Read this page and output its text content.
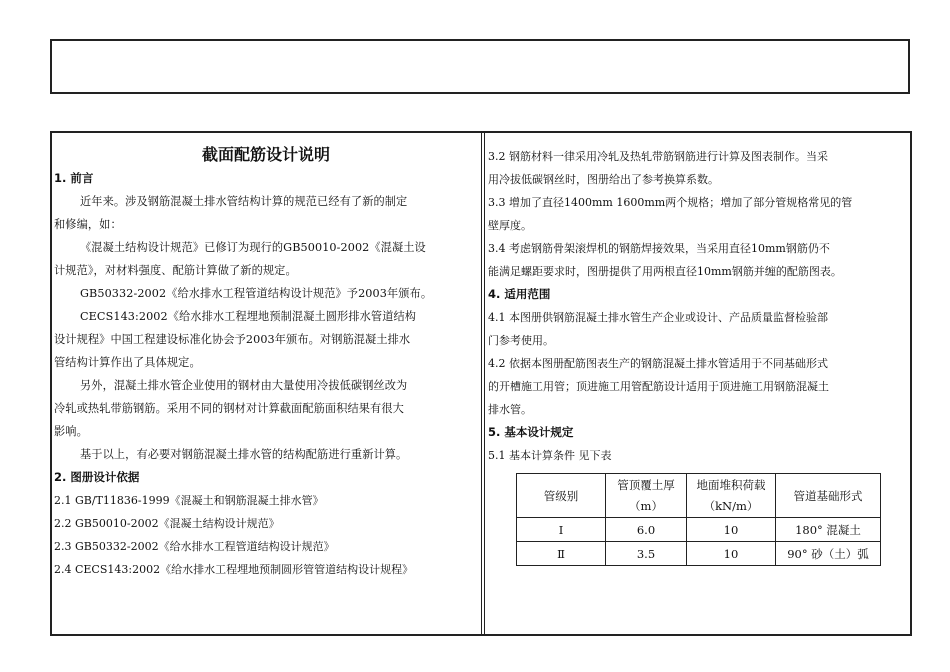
截面配筋设计说明
1. 前言
近年来。涉及钢筋混凝土排水管结构计算的规范已经有了新的制定
和修编，如：
《混凝土结构设计规范》已修订为现行的GB50010-2002《混凝土设
计规范》，对材料强度、配筋计算做了新的规定。
GB50332-2002《给水排水工程管道结构设计规范》予2003年颁布。
CECS143:2002《给水排水工程埋地预制混凝土圆形排水管道结构
设计规程》中国工程建设标准化协会予2003年颁布。对钢筋混凝土排水
管结构计算作出了具体规定。
另外，混凝土排水管企业使用的钢材由大量使用冷拔低碳钢丝改为
冷轧或热轧带筋钢筋。采用不同的钢材对计算截面配筋面积结果有很大
影响。
基于以上，有必要对钢筋混凝土排水管的结构配筋进行重新计算。
2. 图册设计依据
2.1 GB/T11836-1999《混凝土和钢筋混凝土排水管》
2.2 GB50010-2002《混凝土结构设计规范》
2.3 GB50332-2002《给水排水工程管道结构设计规范》
2.4 CECS143:2002《给水排水工程埋地预制圆形管管道结构设计规程》
3.2 钢筋材料一律采用冷轧及热轧带筋钢筋进行计算及图表制作。当采
用冷拔低碳钢丝时，图册给出了参考换算系数。
3.3 增加了直径1400mm 1600mm两个规格；增加了部分管规格常见的管
壁厚度。
3.4 考虑钢筋骨架滚焊机的钢筋焊接效果，当采用直径10mm钢筋仍不
能满足螺距要求时，图册提供了用两根直径10mm钢筋并缠的配筋图表。
4. 适用范围
4.1 本图册供钢筋混凝土排水管生产企业或设计、产品质量监督检验部
门参考使用。
4.2 依据本图册配筋图表生产的钢筋混凝土排水管适用于不同基础形式
的开槽施工用管；顶进施工用管配筋设计适用于顶进施工用钢筋混凝土
排水管。
5. 基本设计规定
5.1 基本计算条件 见下表
管级别	管顶覆土厚	地面堆积荷载	管道基础形式
	（m）	（kN/m）	
Ⅰ	6.0	10	180° 混凝土
Ⅱ	3.5	10	90° 砂（土）弧
